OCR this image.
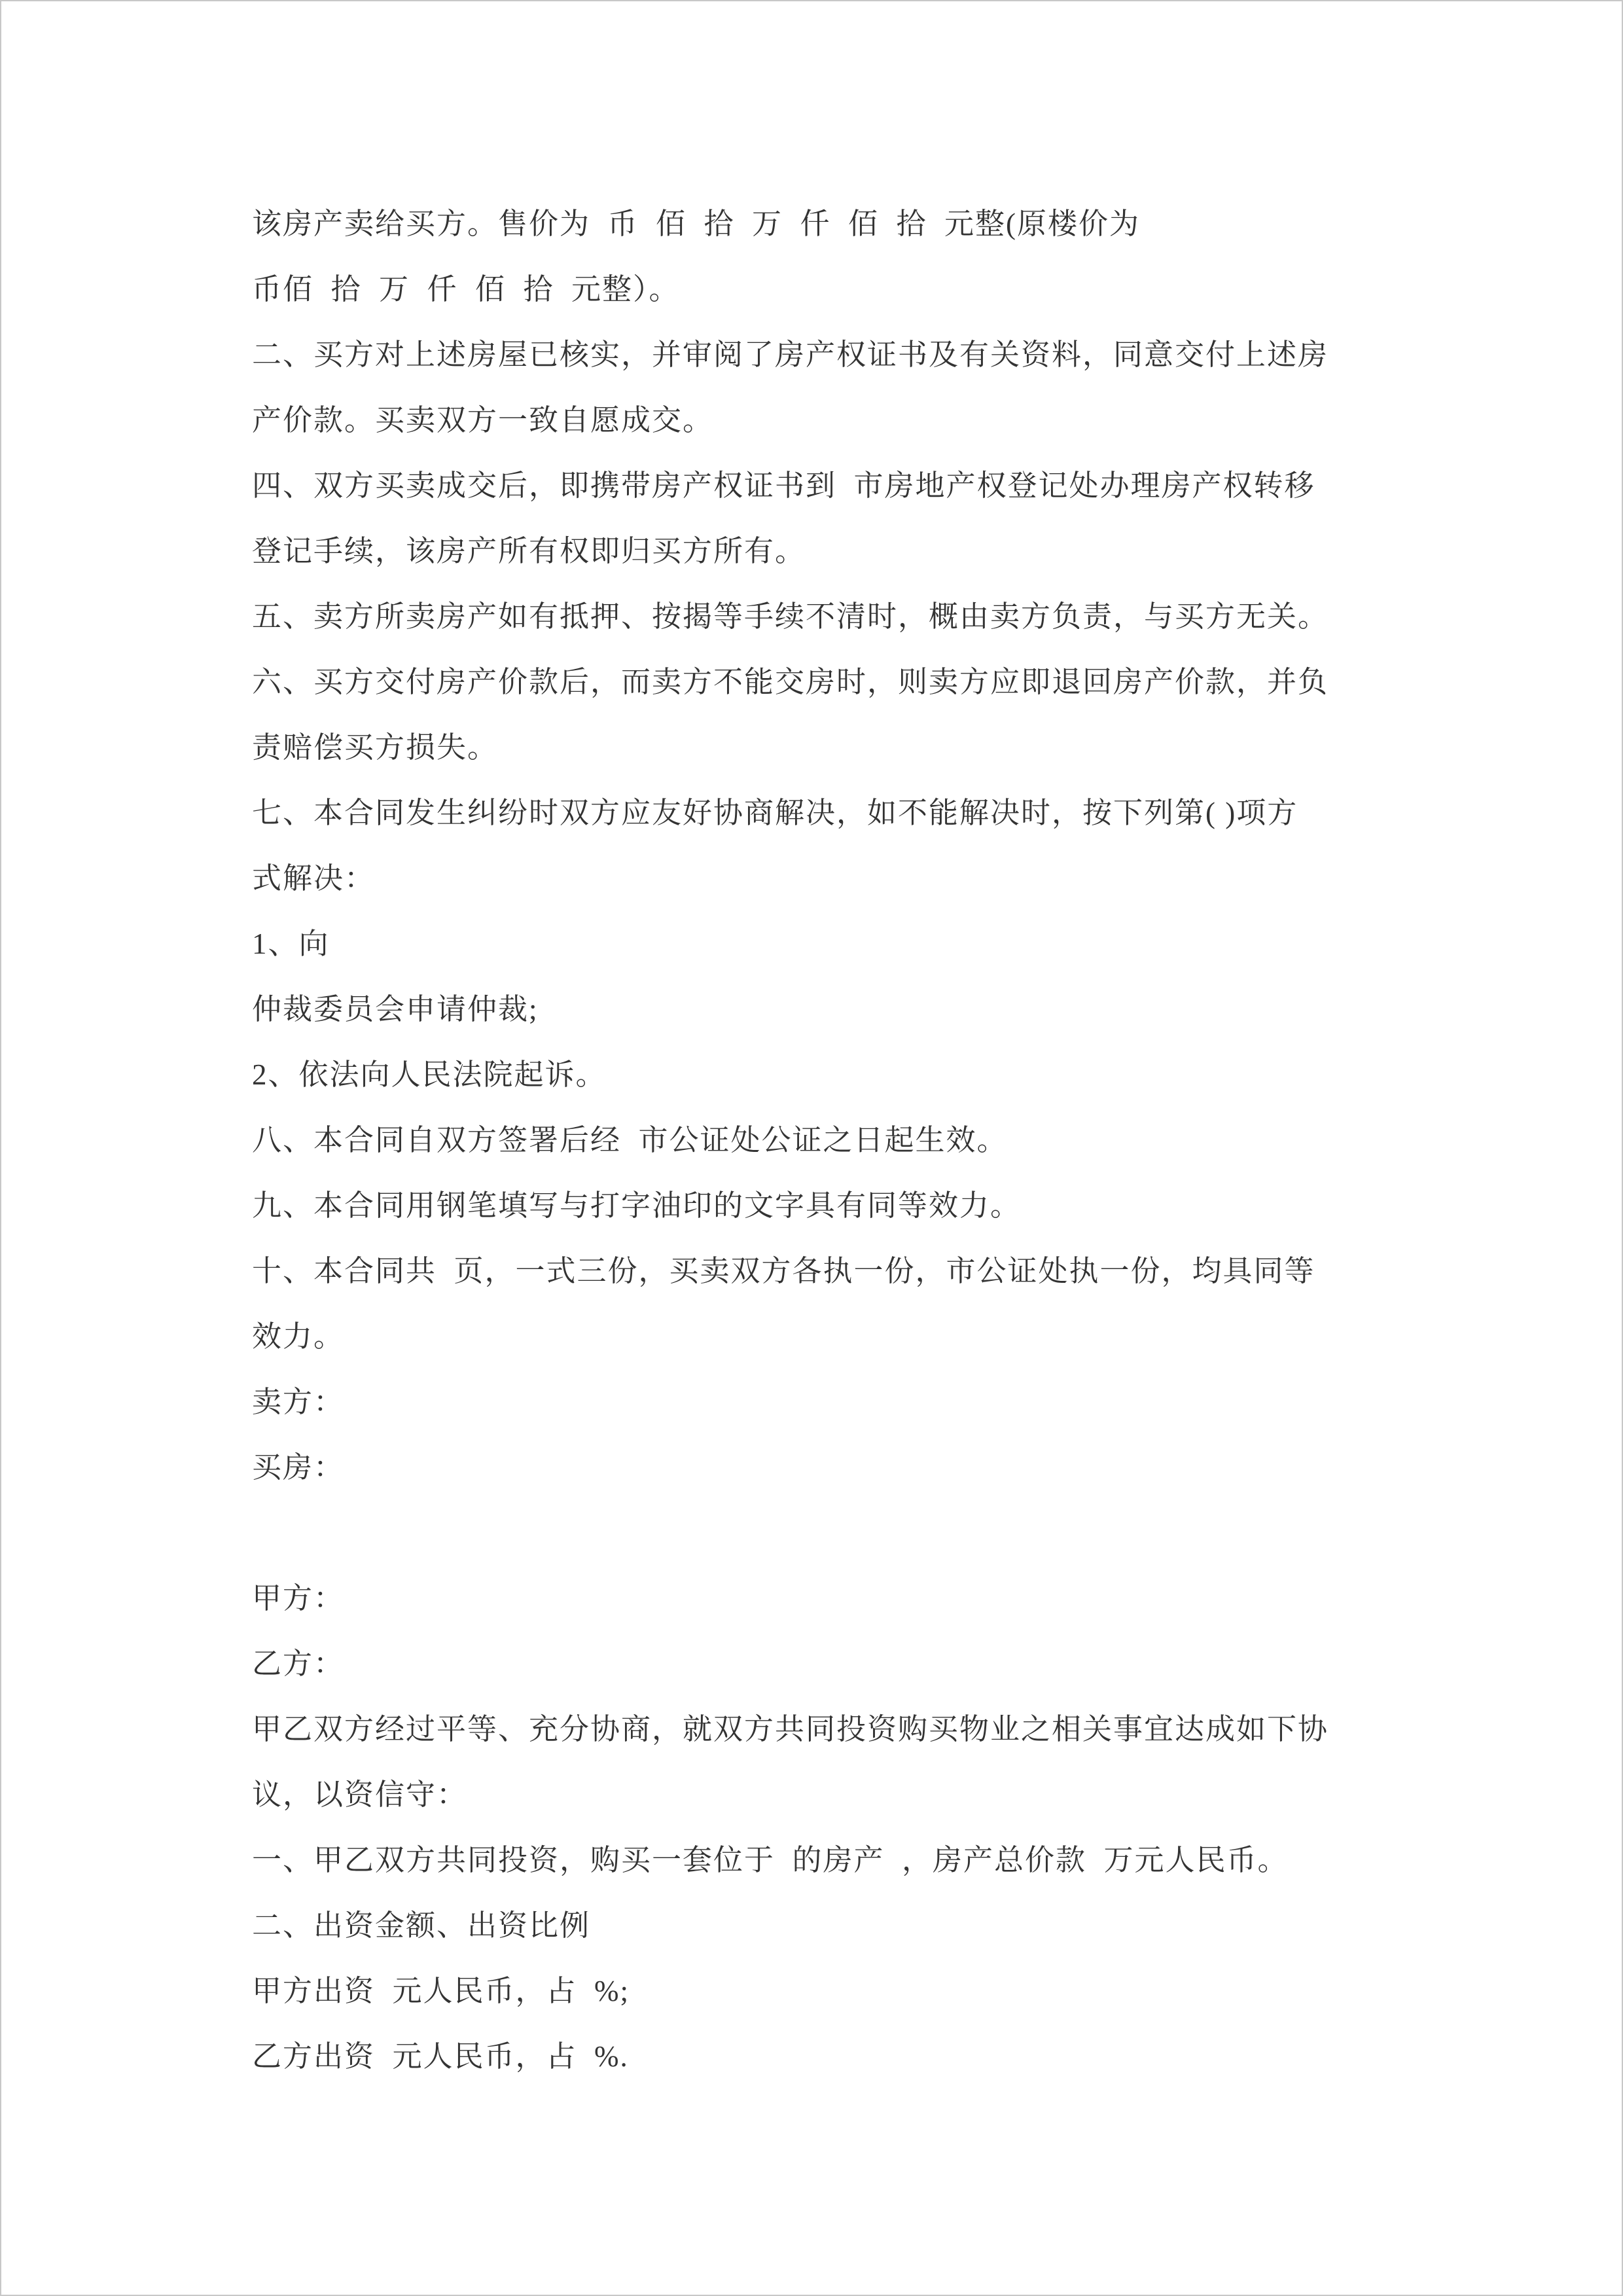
该房产卖给买方。售价为  币  佰  拾  万  仟  佰  拾  元整(原楼价为

币佰  拾  万  仟  佰  拾  元整）。

二、买方对上述房屋已核实，并审阅了房产权证书及有关资料，同意交付上述房

产价款。买卖双方一致自愿成交。

四、双方买卖成交后，即携带房产权证书到  市房地产权登记处办理房产权转移

登记手续，该房产所有权即归买方所有。

五、卖方所卖房产如有抵押、按揭等手续不清时，概由卖方负责，与买方无关。

六、买方交付房产价款后，而卖方不能交房时，则卖方应即退回房产价款，并负

责赔偿买方损失。

七、本合同发生纠纷时双方应友好协商解决，如不能解决时，按下列第( )项方

式解决：

1、向

仲裁委员会申请仲裁;

2、依法向人民法院起诉。

八、本合同自双方签署后经  市公证处公证之日起生效。

九、本合同用钢笔填写与打字油印的文字具有同等效力。

十、本合同共  页，一式三份，买卖双方各执一份，市公证处执一份，均具同等

效力。

卖方：

买房：

甲方：

乙方：

甲乙双方经过平等、充分协商，就双方共同投资购买物业之相关事宜达成如下协

议，以资信守：

一、甲乙双方共同投资，购买一套位于  的房产  ，房产总价款  万元人民币。

二、出资金额、出资比例

甲方出资  元人民币，占  %;

乙方出资  元人民币，占  %.
